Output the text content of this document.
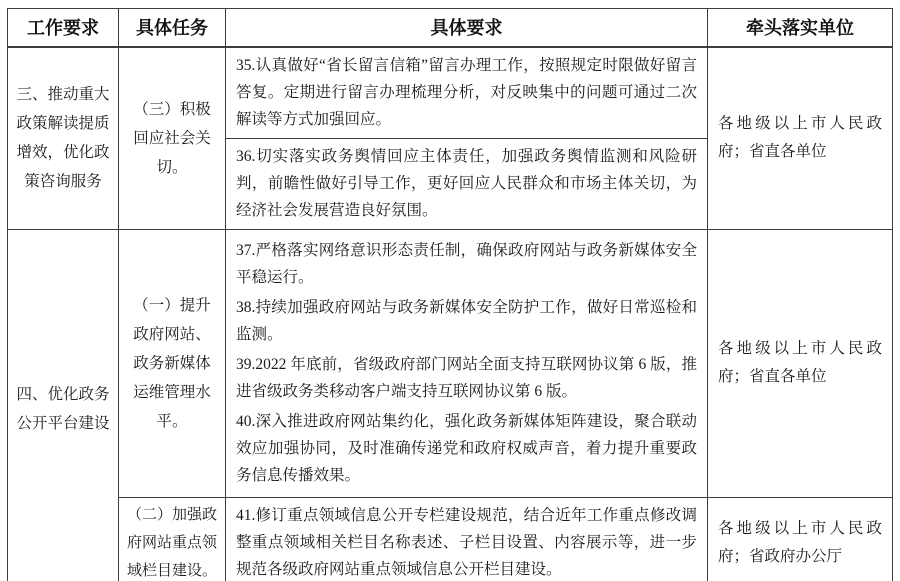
工作要求	具体任务	具体要求	牵头落实单位
三、推动重大政策解读提质增效，优化政策咨询服务	（三）积极回应社会关切。	35.认真做好“省长留言信箱”留言办理工作，按照规定时限做好留言答复。定期进行留言办理梳理分析，对反映集中的问题可通过二次解读等方式加强回应。	各地级以上市人民政府；省直各单位

		36.切实落实政务舆情回应主体责任，加强政务舆情监测和风险研判，前瞻性做好引导工作，更好回应人民群众和市场主体关切，为经济社会发展营造良好氛围。	

四、优化政务公开平台建设	（一）提升政府网站、政务新媒体运维管理水平。	37.严格落实网络意识形态责任制，确保政府网站与政务新媒体安全平稳运行。

38.持续加强政府网站与政务新媒体安全防护工作，做好日常巡检和监测。

39.2022 年底前，省级政府部门网站全面支持互联网协议第 6 版，推进省级政务类移动客户端支持互联网协议第 6 版。

40.深入推进政府网站集约化，强化政务新媒体矩阵建设，聚合联动效应加强协同，及时准确传递党和政府权威声音，着力提升重要政务信息传播效果。	各地级以上市人民政府；省直各单位
	（二）加强政府网站重点领域栏目建设。	41.修订重点领域信息公开专栏建设规范，结合近年工作重点修改调整重点领域相关栏目名称表述、子栏目设置、内容展示等，进一步规范各级政府网站重点领域信息公开栏目建设。	各地级以上市人民政府；省政府办公厅
